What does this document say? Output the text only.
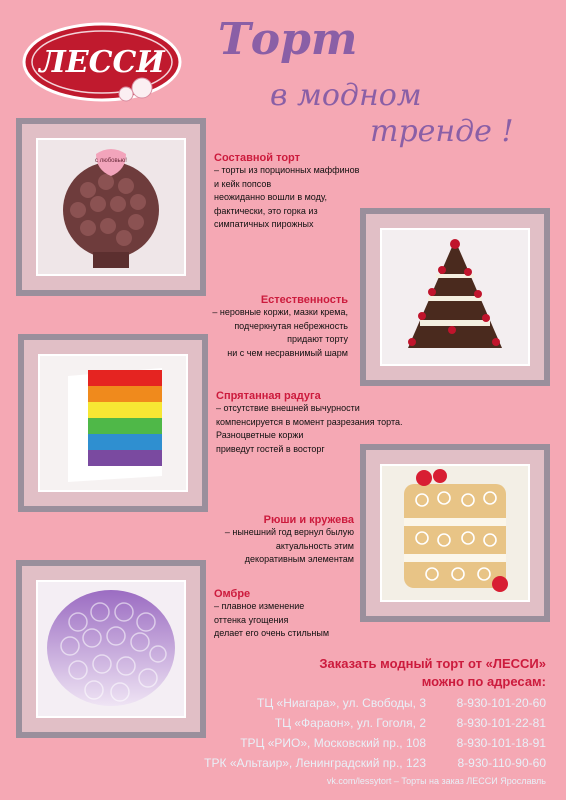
ЛЕССИ Торт
в модном
тренде !
с любовью!	Составной торт
– торты из порционных маффинов
и кейк попсов
неожиданно вошли в моду,
фактически, это горка из
симпатичных пирожных
Естественность
– неровные коржи, мазки крема,
подчеркнутая небрежность
придают торту
ни с чем несравнимый шарм
Спрятанная радуга
– отсутствие внешней вычурности
компенсируется в момент разрезания торта.
Разноцветные коржи
приведут гостей в восторг
Рюши и кружева
– нынешний год вернул былую
актуальность этим
декоративным элементам
Омбре
– плавное изменение
оттенка угощения
делает его очень стильным
Заказать модный торт от «ЛЕССИ»
можно по адресам:
ТЦ «Ниагара», ул. Свободы, 3	8-930-101-20-60
ТЦ «Фараон», ул. Гоголя, 2	8-930-101-22-81
ТРЦ «РИО», Московский пр., 108	8-930-101-18-91
ТРК «Альтаир», Ленинградский пр., 123	8-930-110-90-60
vk.com/lessytort – Торты на заказ ЛЕССИ Ярославль
